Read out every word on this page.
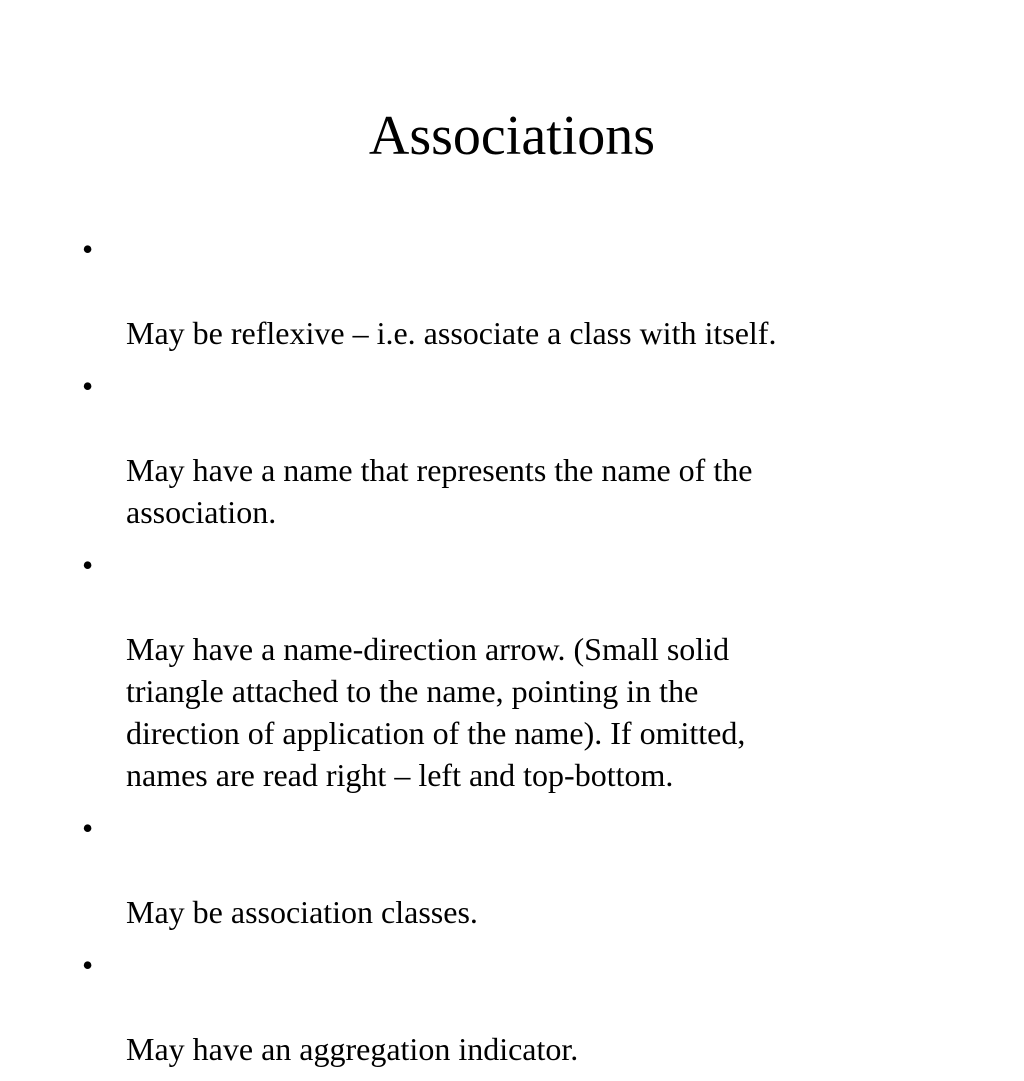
Associations

•

May be reflexive – i.e. associate a class with itself.

•

May have a name that represents the name of the
association.

•

May have a name-direction arrow. (Small solid
triangle attached to the name, pointing in the
direction of application of the name). If omitted,
names are read right – left and top-bottom.

•

May be association classes.

•

May have an aggregation indicator.
